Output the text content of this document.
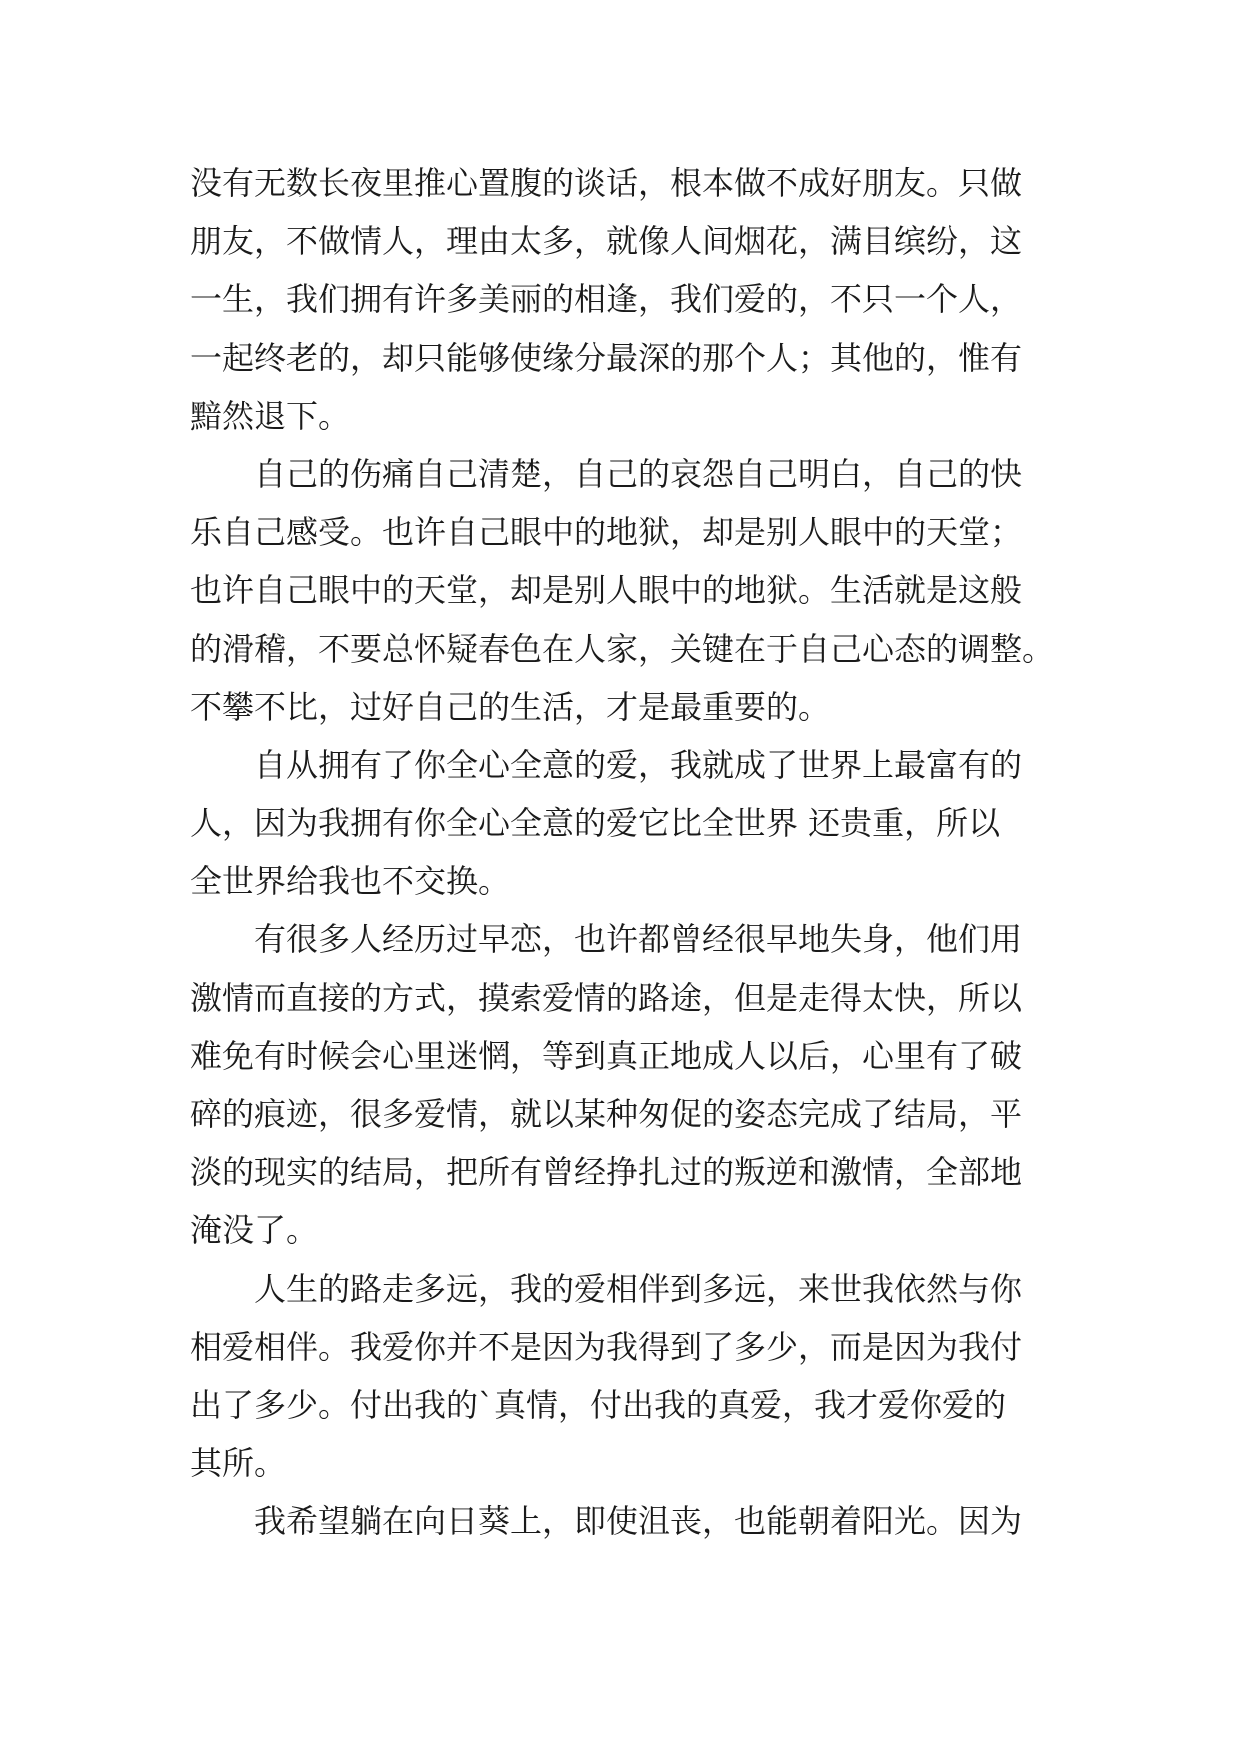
没有无数长夜里推心置腹的谈话，根本做不成好朋友。只做
朋友，不做情人，理由太多，就像人间烟花，满目缤纷，这
一生，我们拥有许多美丽的相逢，我们爱的，不只一个人，
一起终老的，却只能够使缘分最深的那个人；其他的，惟有
黯然退下。
自己的伤痛自己清楚，自己的哀怨自己明白，自己的快
乐自己感受。也许自己眼中的地狱，却是别人眼中的天堂；
也许自己眼中的天堂，却是别人眼中的地狱。生活就是这般
的滑稽，不要总怀疑春色在人家，关键在于自己心态的调整。
不攀不比，过好自己的生活，才是最重要的。
自从拥有了你全心全意的爱，我就成了世界上最富有的
人，因为我拥有你全心全意的爱它比全世界 还贵重，所以
全世界给我也不交换。
有很多人经历过早恋，也许都曾经很早地失身，他们用
激情而直接的方式，摸索爱情的路途，但是走得太快，所以
难免有时候会心里迷惘，等到真正地成人以后，心里有了破
碎的痕迹，很多爱情，就以某种匆促的姿态完成了结局，平
淡的现实的结局，把所有曾经挣扎过的叛逆和激情，全部地
淹没了。
人生的路走多远，我的爱相伴到多远，来世我依然与你
相爱相伴。我爱你并不是因为我得到了多少，而是因为我付
出了多少。付出我的`真情，付出我的真爱，我才爱你爱的
其所。
我希望躺在向日葵上，即使沮丧，也能朝着阳光。因为
